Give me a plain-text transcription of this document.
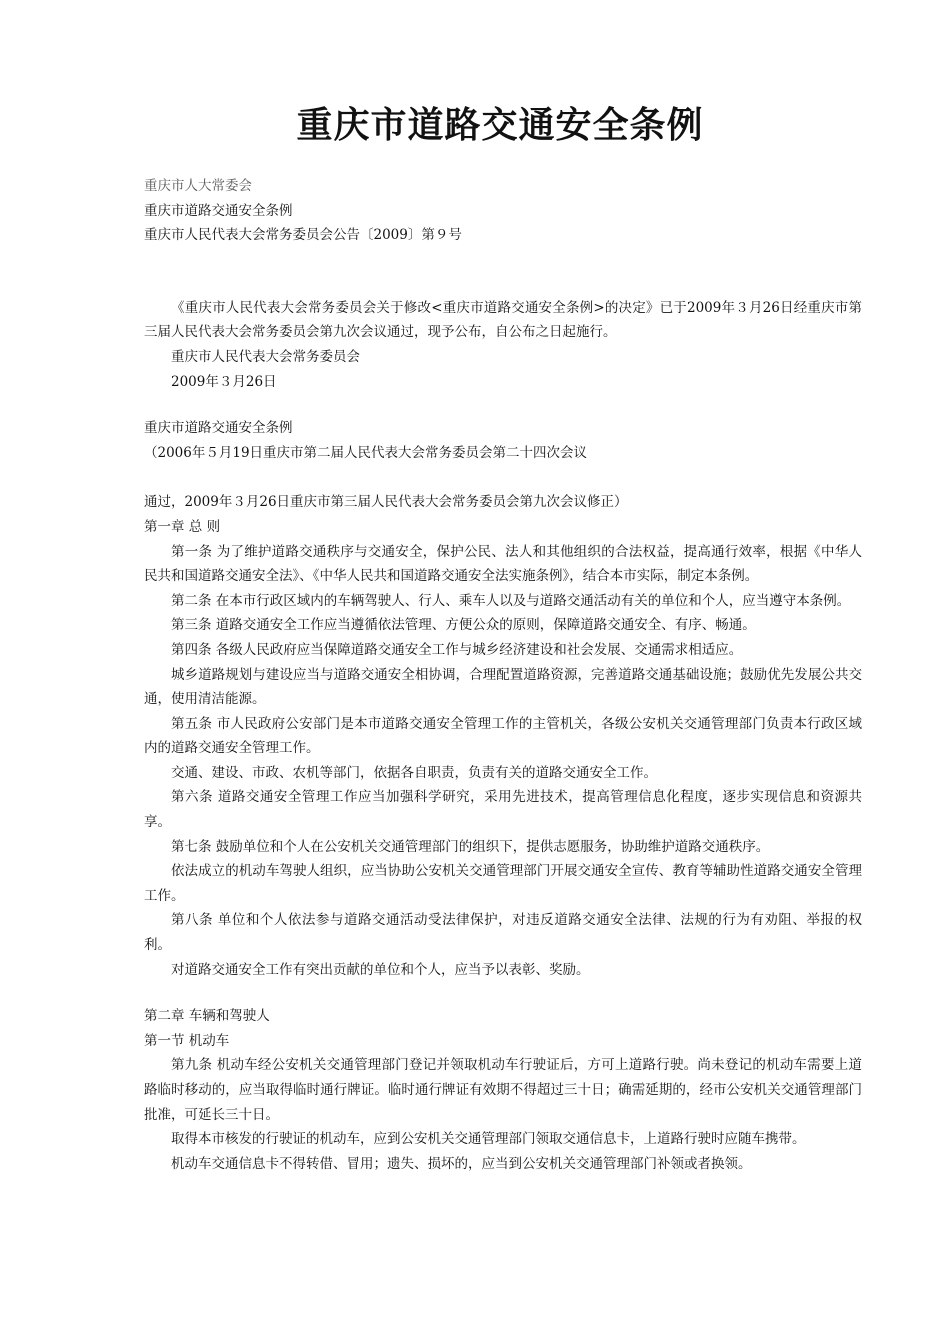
重庆市道路交通安全条例

重庆市人大常委会

重庆市道路交通安全条例

重庆市人民代表大会常务委员会公告〔2009〕第９号

《重庆市人民代表大会常务委员会关于修改<重庆市道路交通安全条例>的决定》已于2009年３月26日经重庆市第三届人民代表大会常务委员会第九次会议通过，现予公布，自公布之日起施行。

重庆市人民代表大会常务委员会

2009年３月26日

重庆市道路交通安全条例

（2006年５月19日重庆市第二届人民代表大会常务委员会第二十四次会议

通过，2009年３月26日重庆市第三届人民代表大会常务委员会第九次会议修正）

第一章 总 则

第一条 为了维护道路交通秩序与交通安全，保护公民、法人和其他组织的合法权益，提高通行效率，根据《中华人民共和国道路交通安全法》、《中华人民共和国道路交通安全法实施条例》，结合本市实际，制定本条例。

第二条 在本市行政区域内的车辆驾驶人、行人、乘车人以及与道路交通活动有关的单位和个人，应当遵守本条例。

第三条 道路交通安全工作应当遵循依法管理、方便公众的原则，保障道路交通安全、有序、畅通。

第四条 各级人民政府应当保障道路交通安全工作与城乡经济建设和社会发展、交通需求相适应。

城乡道路规划与建设应当与道路交通安全相协调，合理配置道路资源，完善道路交通基础设施；鼓励优先发展公共交通，使用清洁能源。

第五条 市人民政府公安部门是本市道路交通安全管理工作的主管机关，各级公安机关交通管理部门负责本行政区域内的道路交通安全管理工作。

交通、建设、市政、农机等部门，依据各自职责，负责有关的道路交通安全工作。

第六条 道路交通安全管理工作应当加强科学研究，采用先进技术，提高管理信息化程度，逐步实现信息和资源共享。

第七条 鼓励单位和个人在公安机关交通管理部门的组织下，提供志愿服务，协助维护道路交通秩序。

依法成立的机动车驾驶人组织，应当协助公安机关交通管理部门开展交通安全宣传、教育等辅助性道路交通安全管理工作。

第八条 单位和个人依法参与道路交通活动受法律保护，对违反道路交通安全法律、法规的行为有劝阻、举报的权利。

对道路交通安全工作有突出贡献的单位和个人，应当予以表彰、奖励。

第二章 车辆和驾驶人

第一节 机动车

第九条 机动车经公安机关交通管理部门登记并领取机动车行驶证后，方可上道路行驶。尚未登记的机动车需要上道路临时移动的，应当取得临时通行牌证。临时通行牌证有效期不得超过三十日；确需延期的，经市公安机关交通管理部门批准，可延长三十日。

取得本市核发的行驶证的机动车，应到公安机关交通管理部门领取交通信息卡，上道路行驶时应随车携带。

机动车交通信息卡不得转借、冒用；遗失、损坏的，应当到公安机关交通管理部门补领或者换领。
